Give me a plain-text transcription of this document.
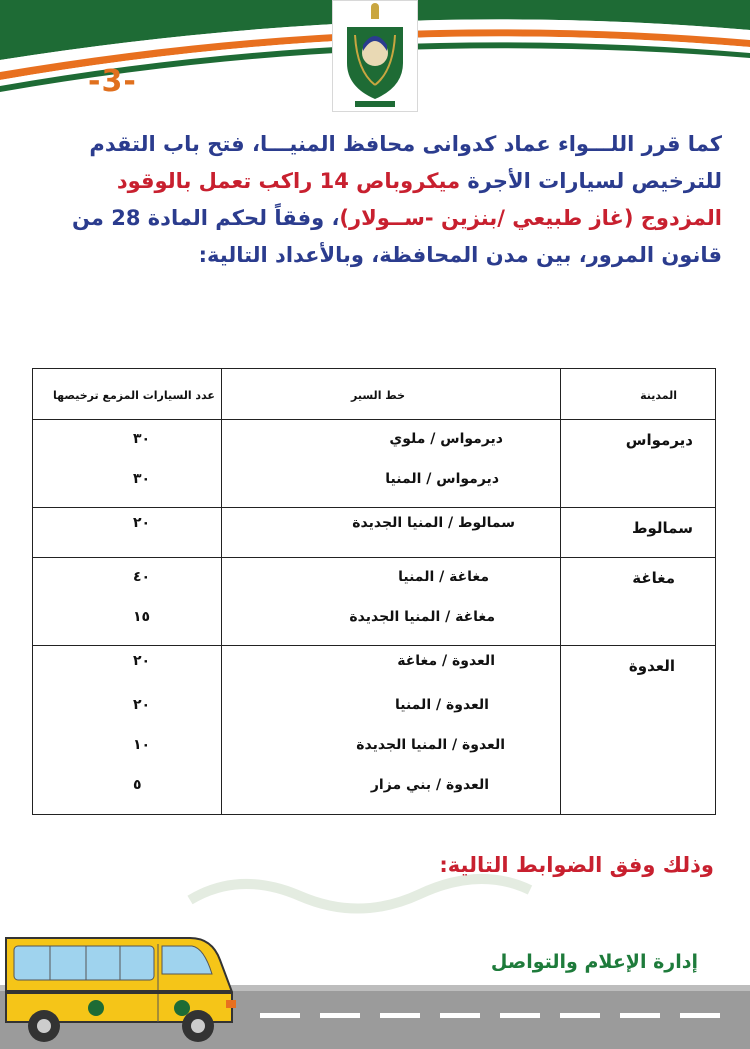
-3-
كما قرر اللـــواء عماد كدوانى محافظ المنيـــا، فتح باب التقدم
للترخيص لسيارات الأجرة ميكروباص 14 راكب تعمل بالوقود
المزدوج (غاز طبيعي /بنزين -ســولار)، وفقاً لحكم المادة 28 من
قانون المرور، بين مدن المحافظة، وبالأعداد التالية:
المدينة
خط السير
عدد السيارات المزمع ترخيصها
ديرمواس
ديرمواس / ملوي
٣٠
ديرمواس / المنيا
٣٠
سمالوط
سمالوط / المنيا الجديدة
٢٠
مغاغة
مغاغة / المنيا
٤٠
مغاغة / المنيا الجديدة
١٥
العدوة
العدوة / مغاغة
٢٠
العدوة / المنيا
٢٠
العدوة / المنيا الجديدة
١٠
العدوة / بني مزار
٥
وذلك وفق الضوابط التالية:
إدارة الإعلام والتواصل
